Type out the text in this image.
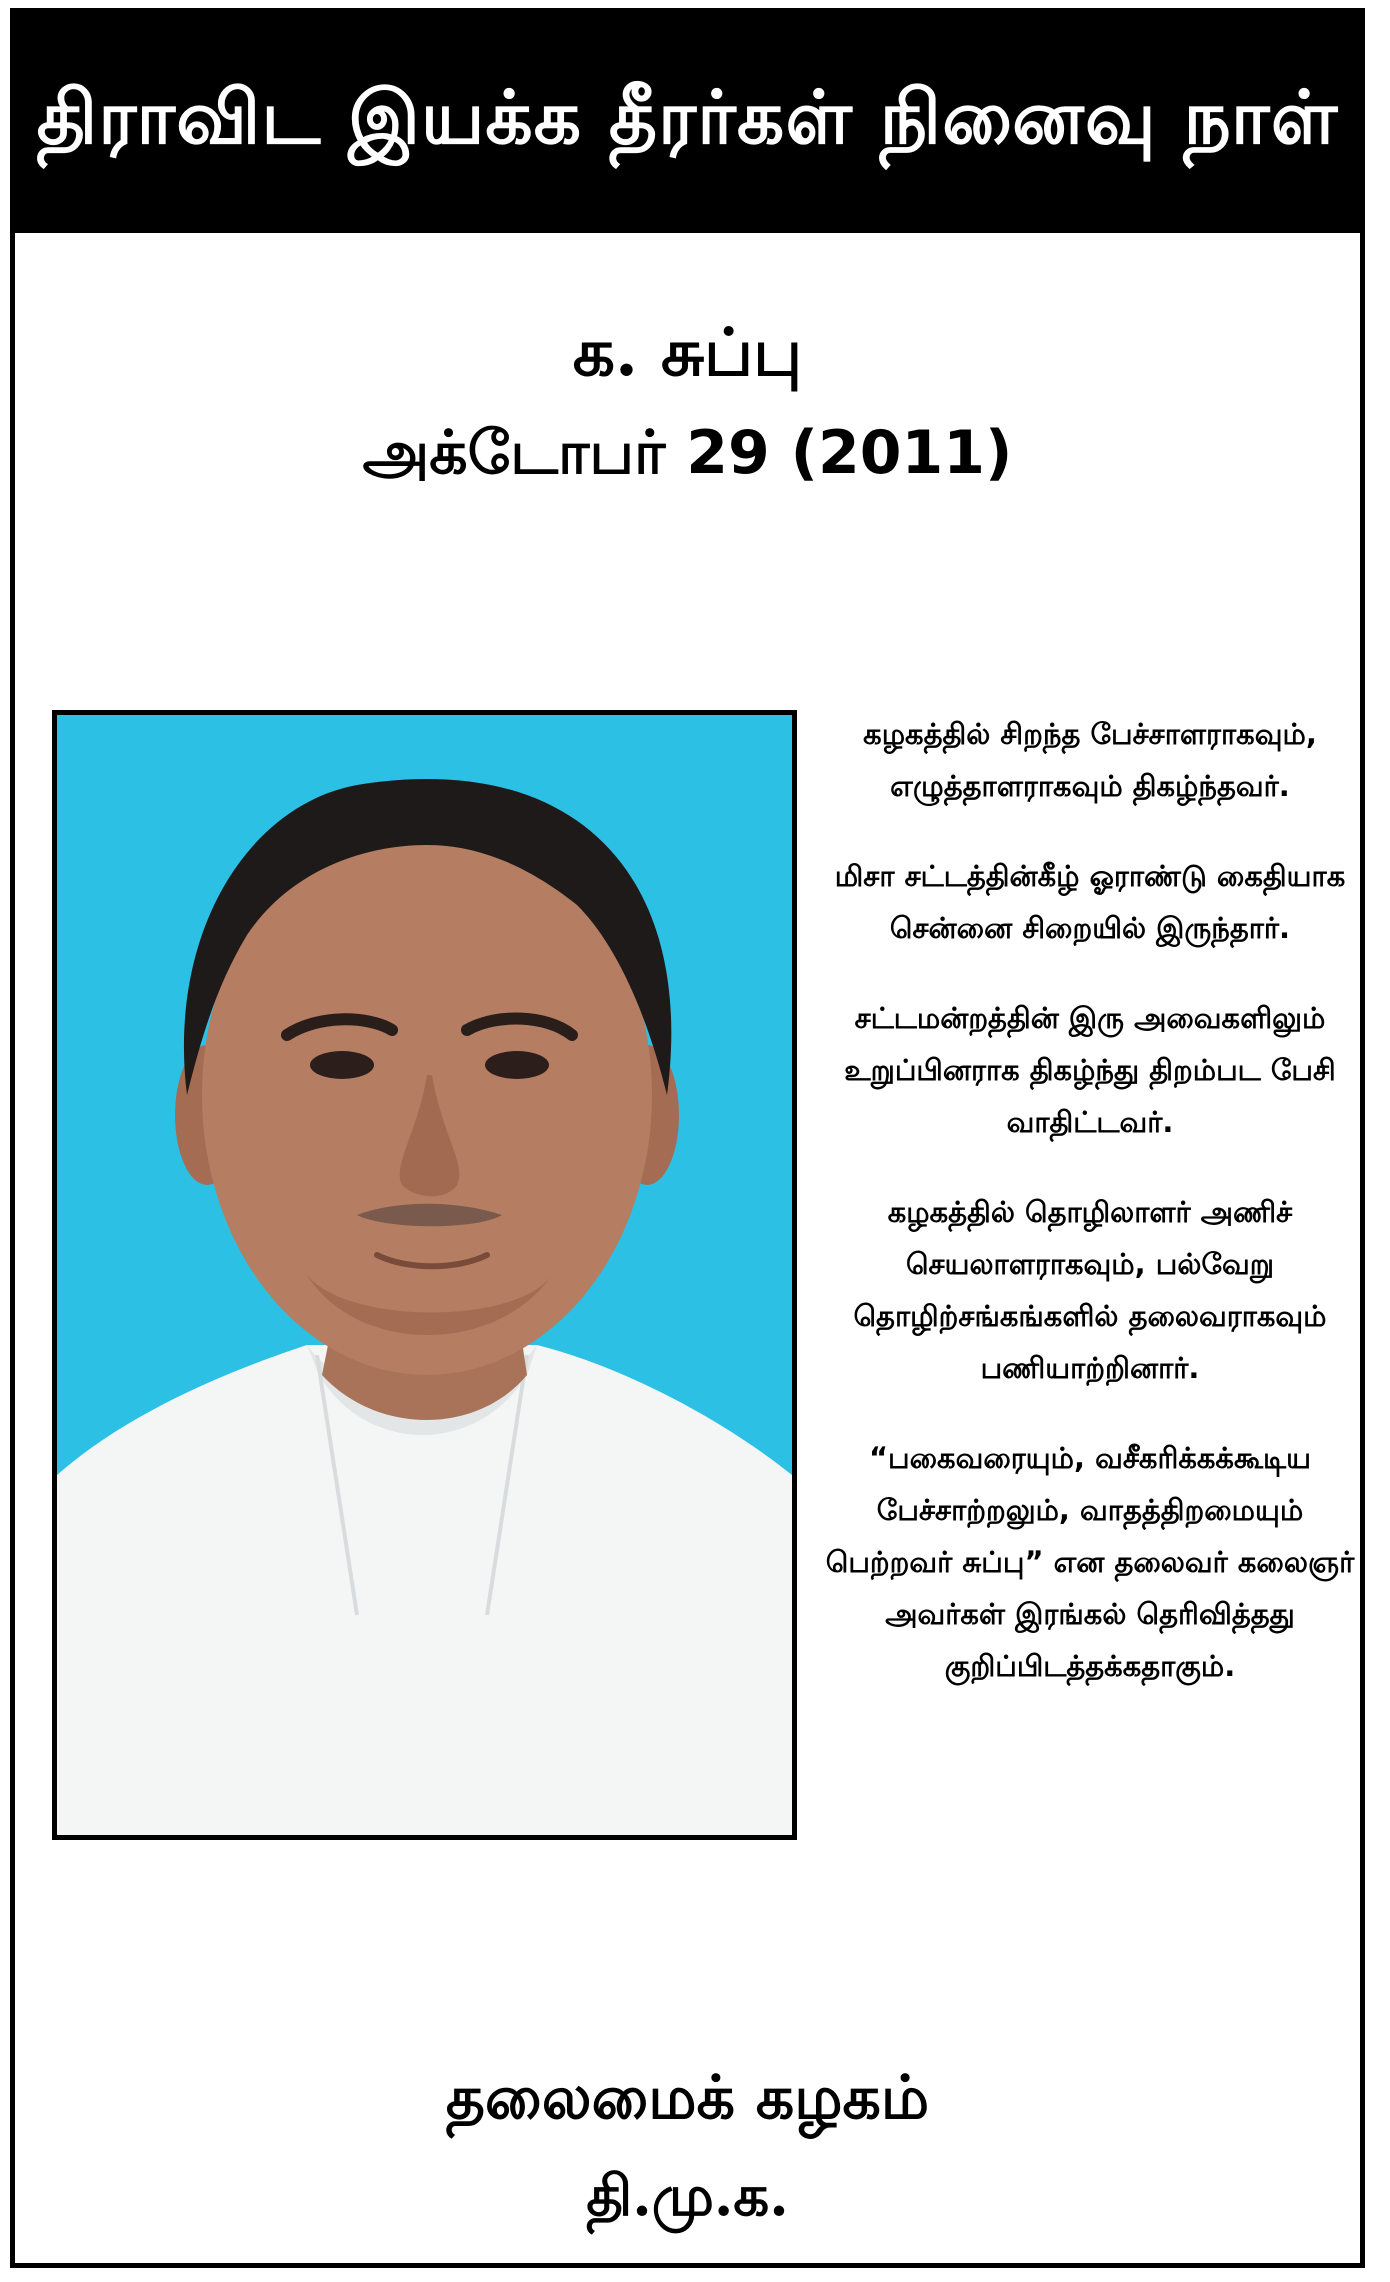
திராவிட இயக்க தீரர்கள் நினைவு நாள்
க. சுப்பு
அக்டோபர் 29 (2011)

கழகத்தில் சிறந்த பேச்சாளராகவும், எழுத்தாளராகவும் திகழ்ந்தவர்.

மிசா சட்டத்தின்கீழ் ஓராண்டு கைதியாக சென்னை சிறையில் இருந்தார்.

சட்டமன்றத்தின் இரு அவைகளிலும் உறுப்பினராக திகழ்ந்து திறம்பட பேசி வாதிட்டவர்.

கழகத்தில் தொழிலாளர் அணிச் செயலாளராகவும், பல்வேறு தொழிற்சங்கங்களில் தலைவராகவும் பணியாற்றினார்.

“பகைவரையும், வசீகரிக்கக்கூடிய பேச்சாற்றலும், வாதத்திறமையும் பெற்றவர் சுப்பு” என தலைவர் கலைஞர் அவர்கள் இரங்கல் தெரிவித்தது குறிப்பிடத்தக்கதாகும்.

தலைமைக் கழகம்
தி.மு.க.
